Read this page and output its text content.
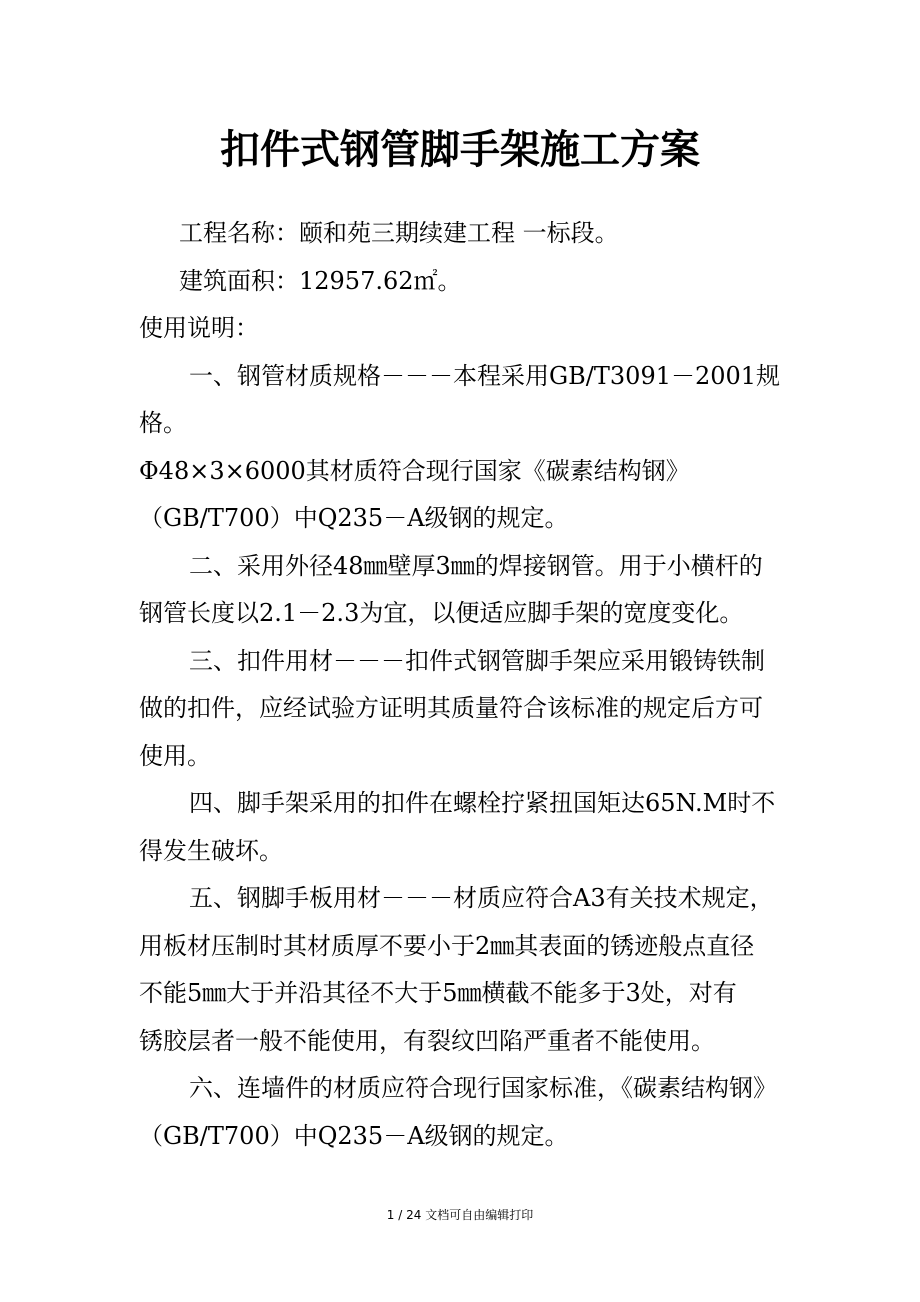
扣件式钢管脚手架施工方案
工程名称：颐和苑三期续建工程 一标段。
建筑面积：12957.62㎡。
使用说明：
一、钢管材质规格－－－本程采用GB/T3091－2001规
格。
Φ48×3×6000其材质符合现行国家《碳素结构钢》
（GB/T700）中Q235－A级钢的规定。
二、采用外径48㎜壁厚3㎜的焊接钢管。用于小横杆的
钢管长度以2.1－2.3为宜，以便适应脚手架的宽度变化。
三、扣件用材－－－扣件式钢管脚手架应采用锻铸铁制
做的扣件，应经试验方证明其质量符合该标准的规定后方可
使用。
四、脚手架采用的扣件在螺栓拧紧扭国矩达65N.M时不
得发生破坏。
五、钢脚手板用材－－－材质应符合A3有关技术规定，
用板材压制时其材质厚不要小于2㎜其表面的锈迹般点直径
不能5㎜大于并沿其径不大于5㎜横截不能多于3处，对有
锈胶层者一般不能使用，有裂纹凹陷严重者不能使用。
六、连墙件的材质应符合现行国家标准，《碳素结构钢》
（GB/T700）中Q235－A级钢的规定。
1 / 24 文档可自由编辑打印
